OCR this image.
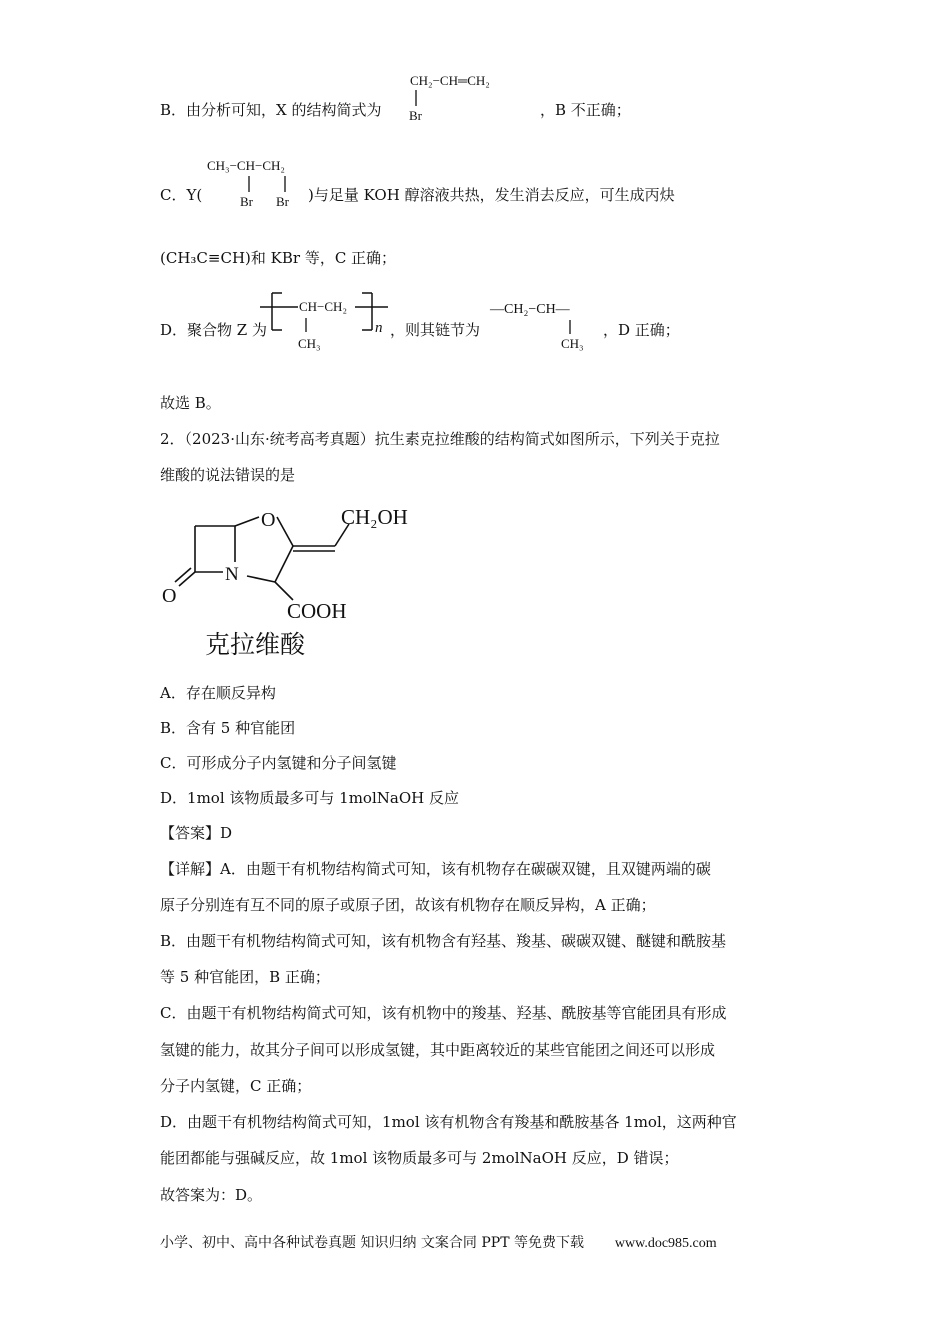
B．由分析可知，X 的结构简式为
CH₂−CH═CH₂
Br	，B 不正确；
CH₃−CH−CH₂
Br Br
C．Y(	)与足量 KOH 醇溶液共热，发生消去反应，可生成丙炔
(CH₃C≡CH)和 KBr 等，C 正确；
D．聚合物 Z 为
CH−CH₂
CH₃
n ，则其链节为
—CH₂−CH—
CH₃
，D 正确；
故选 B。
2．（2023·山东·统考高考真题）抗生素克拉维酸的结构简式如图所示，下列关于克拉
维酸的说法错误的是
O
N
O
CH₂OH
COOH
克拉维酸
A．存在顺反异构
B．含有 5 种官能团
C．可形成分子内氢键和分子间氢键
D．1mol 该物质最多可与 1molNaOH 反应
【答案】D
【详解】A．由题干有机物结构简式可知，该有机物存在碳碳双键，且双键两端的碳
原子分别连有互不同的原子或原子团，故该有机物存在顺反异构，A 正确；
B．由题干有机物结构简式可知，该有机物含有羟基、羧基、碳碳双键、醚键和酰胺基
等 5 种官能团，B 正确；
C．由题干有机物结构简式可知，该有机物中的羧基、羟基、酰胺基等官能团具有形成
氢键的能力，故其分子间可以形成氢键，其中距离较近的某些官能团之间还可以形成
分子内氢键，C 正确；
D．由题干有机物结构简式可知，1mol 该有机物含有羧基和酰胺基各 1mol，这两种官
能团都能与强碱反应，故 1mol 该物质最多可与 2molNaOH 反应，D 错误；
故答案为：D。
小学、初中、高中各种试卷真题 知识归纳 文案合同 PPT 等免费下载 www.doc985.com
